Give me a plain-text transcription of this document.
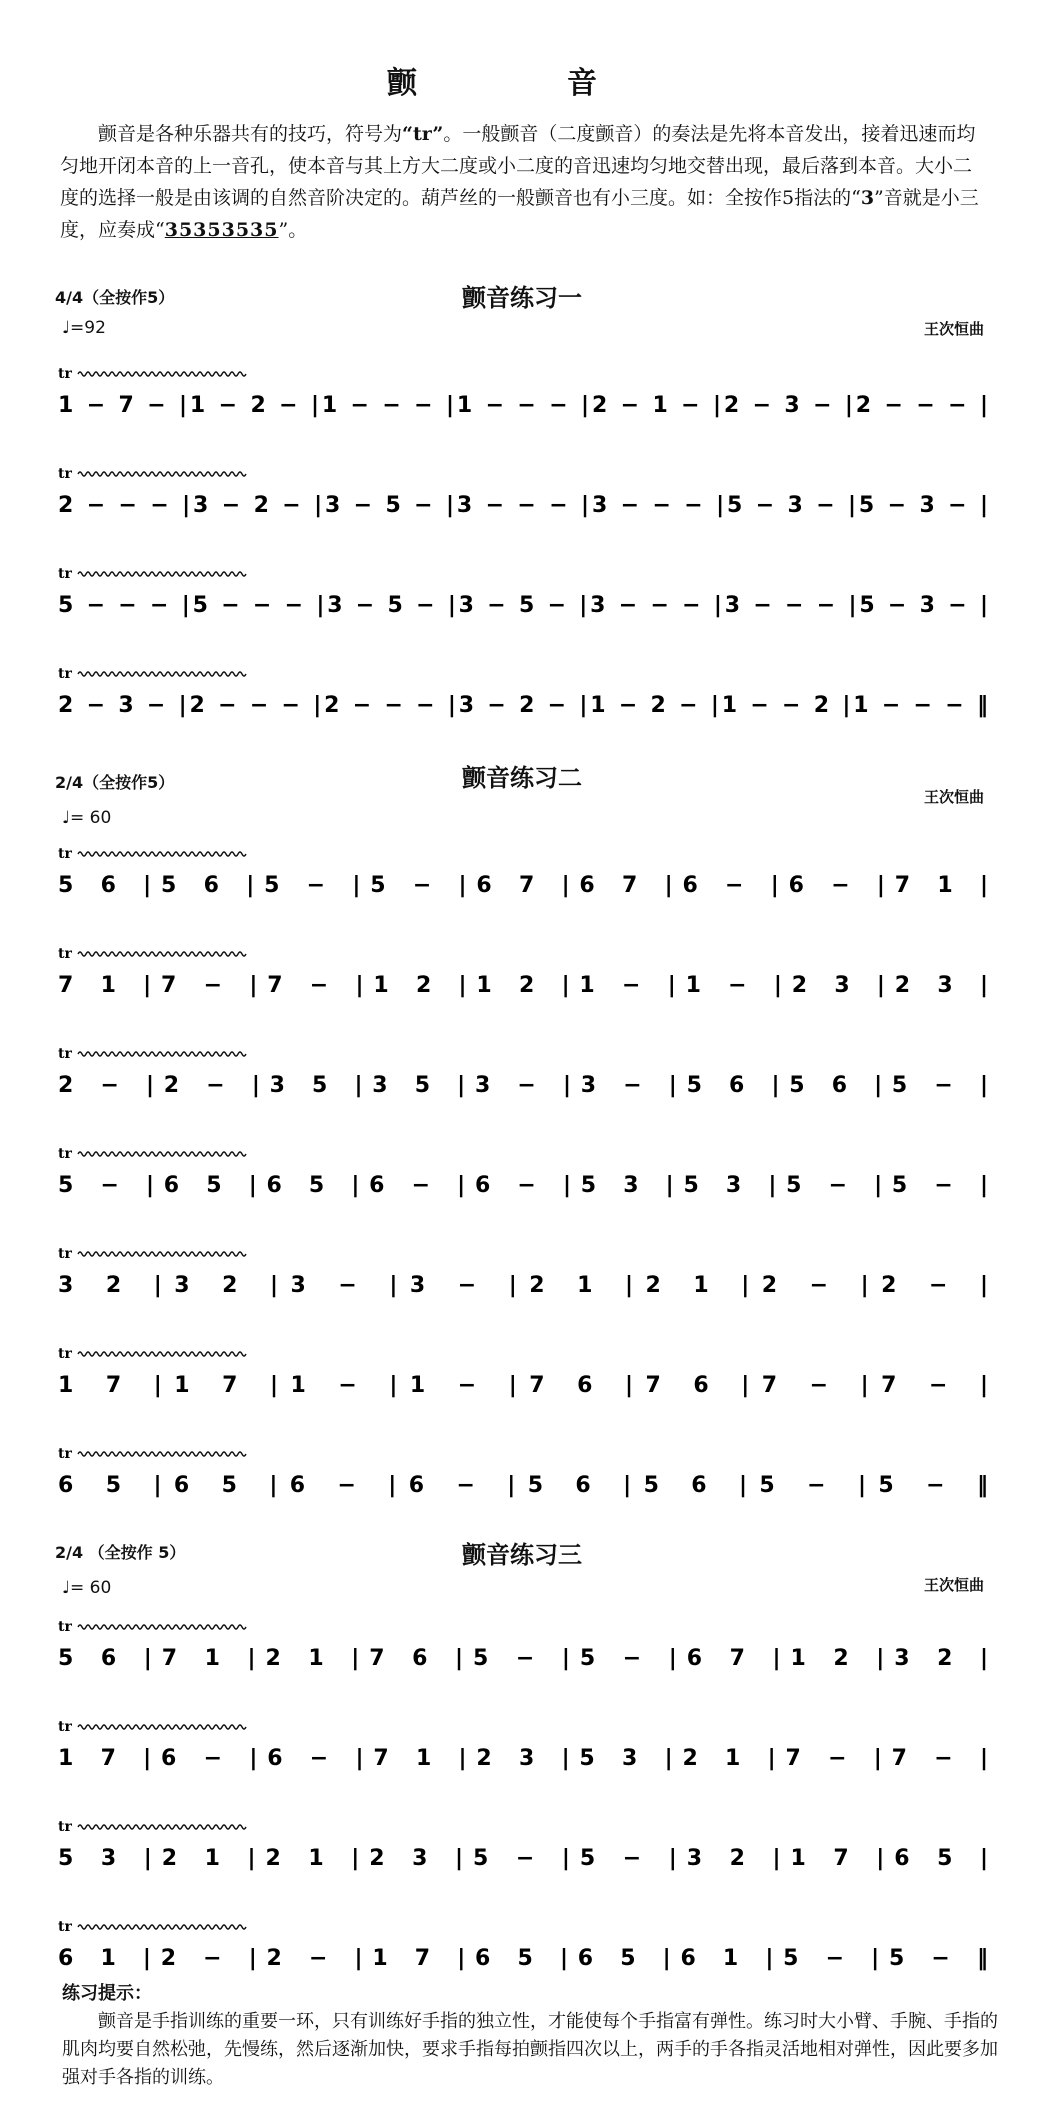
颤　音
颤音是各种乐器共有的技巧，符号为“tr”。一般颤音（二度颤音）的奏法是先将本音发出，接着迅速而均匀地开闭本音的上一音孔，使本音与其上方大二度或小二度的音迅速均匀地交替出现，最后落到本音。大小二度的选择一般是由该调的自然音阶决定的。葫芦丝的一般颤音也有小三度。如：全按作5指法的“3”音就是小三度，应奏成“35353535”。
4/4（全按作5）	颤音练习一
♩=92	王次恒曲
1 − 7 − |1 − 2 − |1 − − − |1 − − − |2 − 1 − |2 − 3 − |2 − − − |
tr
2 − − − |3 − 2 − |3 − 5 − |3 − − − |3 − − − |5 − 3 − |5 − 3 − |
tr
5 − − − |5 − − − |3 − 5 − |3 − 5 − |3 − − − |3 − − − |5 − 3 − |
tr
2 − 3 − |2 − − − |2 − − − |3 − 2 − |1 − 2 − |1 − − 2 |1 − − − ‖
tr
2/4（全按作5）	颤音练习二
♩= 60
王次恒曲
5 6 |5 6 |5 − |5 − |6 7 |6 7 |6 − |6 − |7 1 |
tr
7 1 |7 − |7 − |1 2 |1 2 |1 − |1 − |2 3 |2 3 |
tr
2 − |2 − |3 5 |3 5 |3 − |3 − |5 6 |5 6 |5 − |
tr
5 − |6 5 |6 5 |6 − |6 − |5 3 |5 3 |5 − |5 − |
tr
3 2 |3 2 |3 − |3 − |2 1 |2 1 |2 − |2 − |
tr
1 7 |1 7 |1 − |1 − |7 6 |7 6 |7 − |7 − |
tr
6 5 |6 5 |6 − |6 − |5 6 |5 6 |5 − |5 − ‖
tr
2/4 （全按作 5）	颤音练习三
♩= 60	王次恒曲
5 6 |7 1 |2 1 |7 6 |5 − |5 − |6 7 |1 2 |3 2 |
tr
1 7 |6 − |6 − |7 1 |2 3 |5 3 |2 1 |7 − |7 − |
tr
5 3 |2 1 |2 1 |2 3 |5 − |5 − |3 2 |1 7 |6 5 |
tr
6 1 |2 − |2 − |1 7 |6 5 |6 5 |6 1 |5 − |5 − ‖
tr
练习提示：

颤音是手指训练的重要一环，只有训练好手指的独立性，才能使每个手指富有弹性。练习时大小臂、手腕、手指的肌肉均要自然松弛，先慢练，然后逐渐加快，要求手指每拍颤指四次以上，两手的手各指灵活地相对弹性，因此要多加强对手各指的训练。
